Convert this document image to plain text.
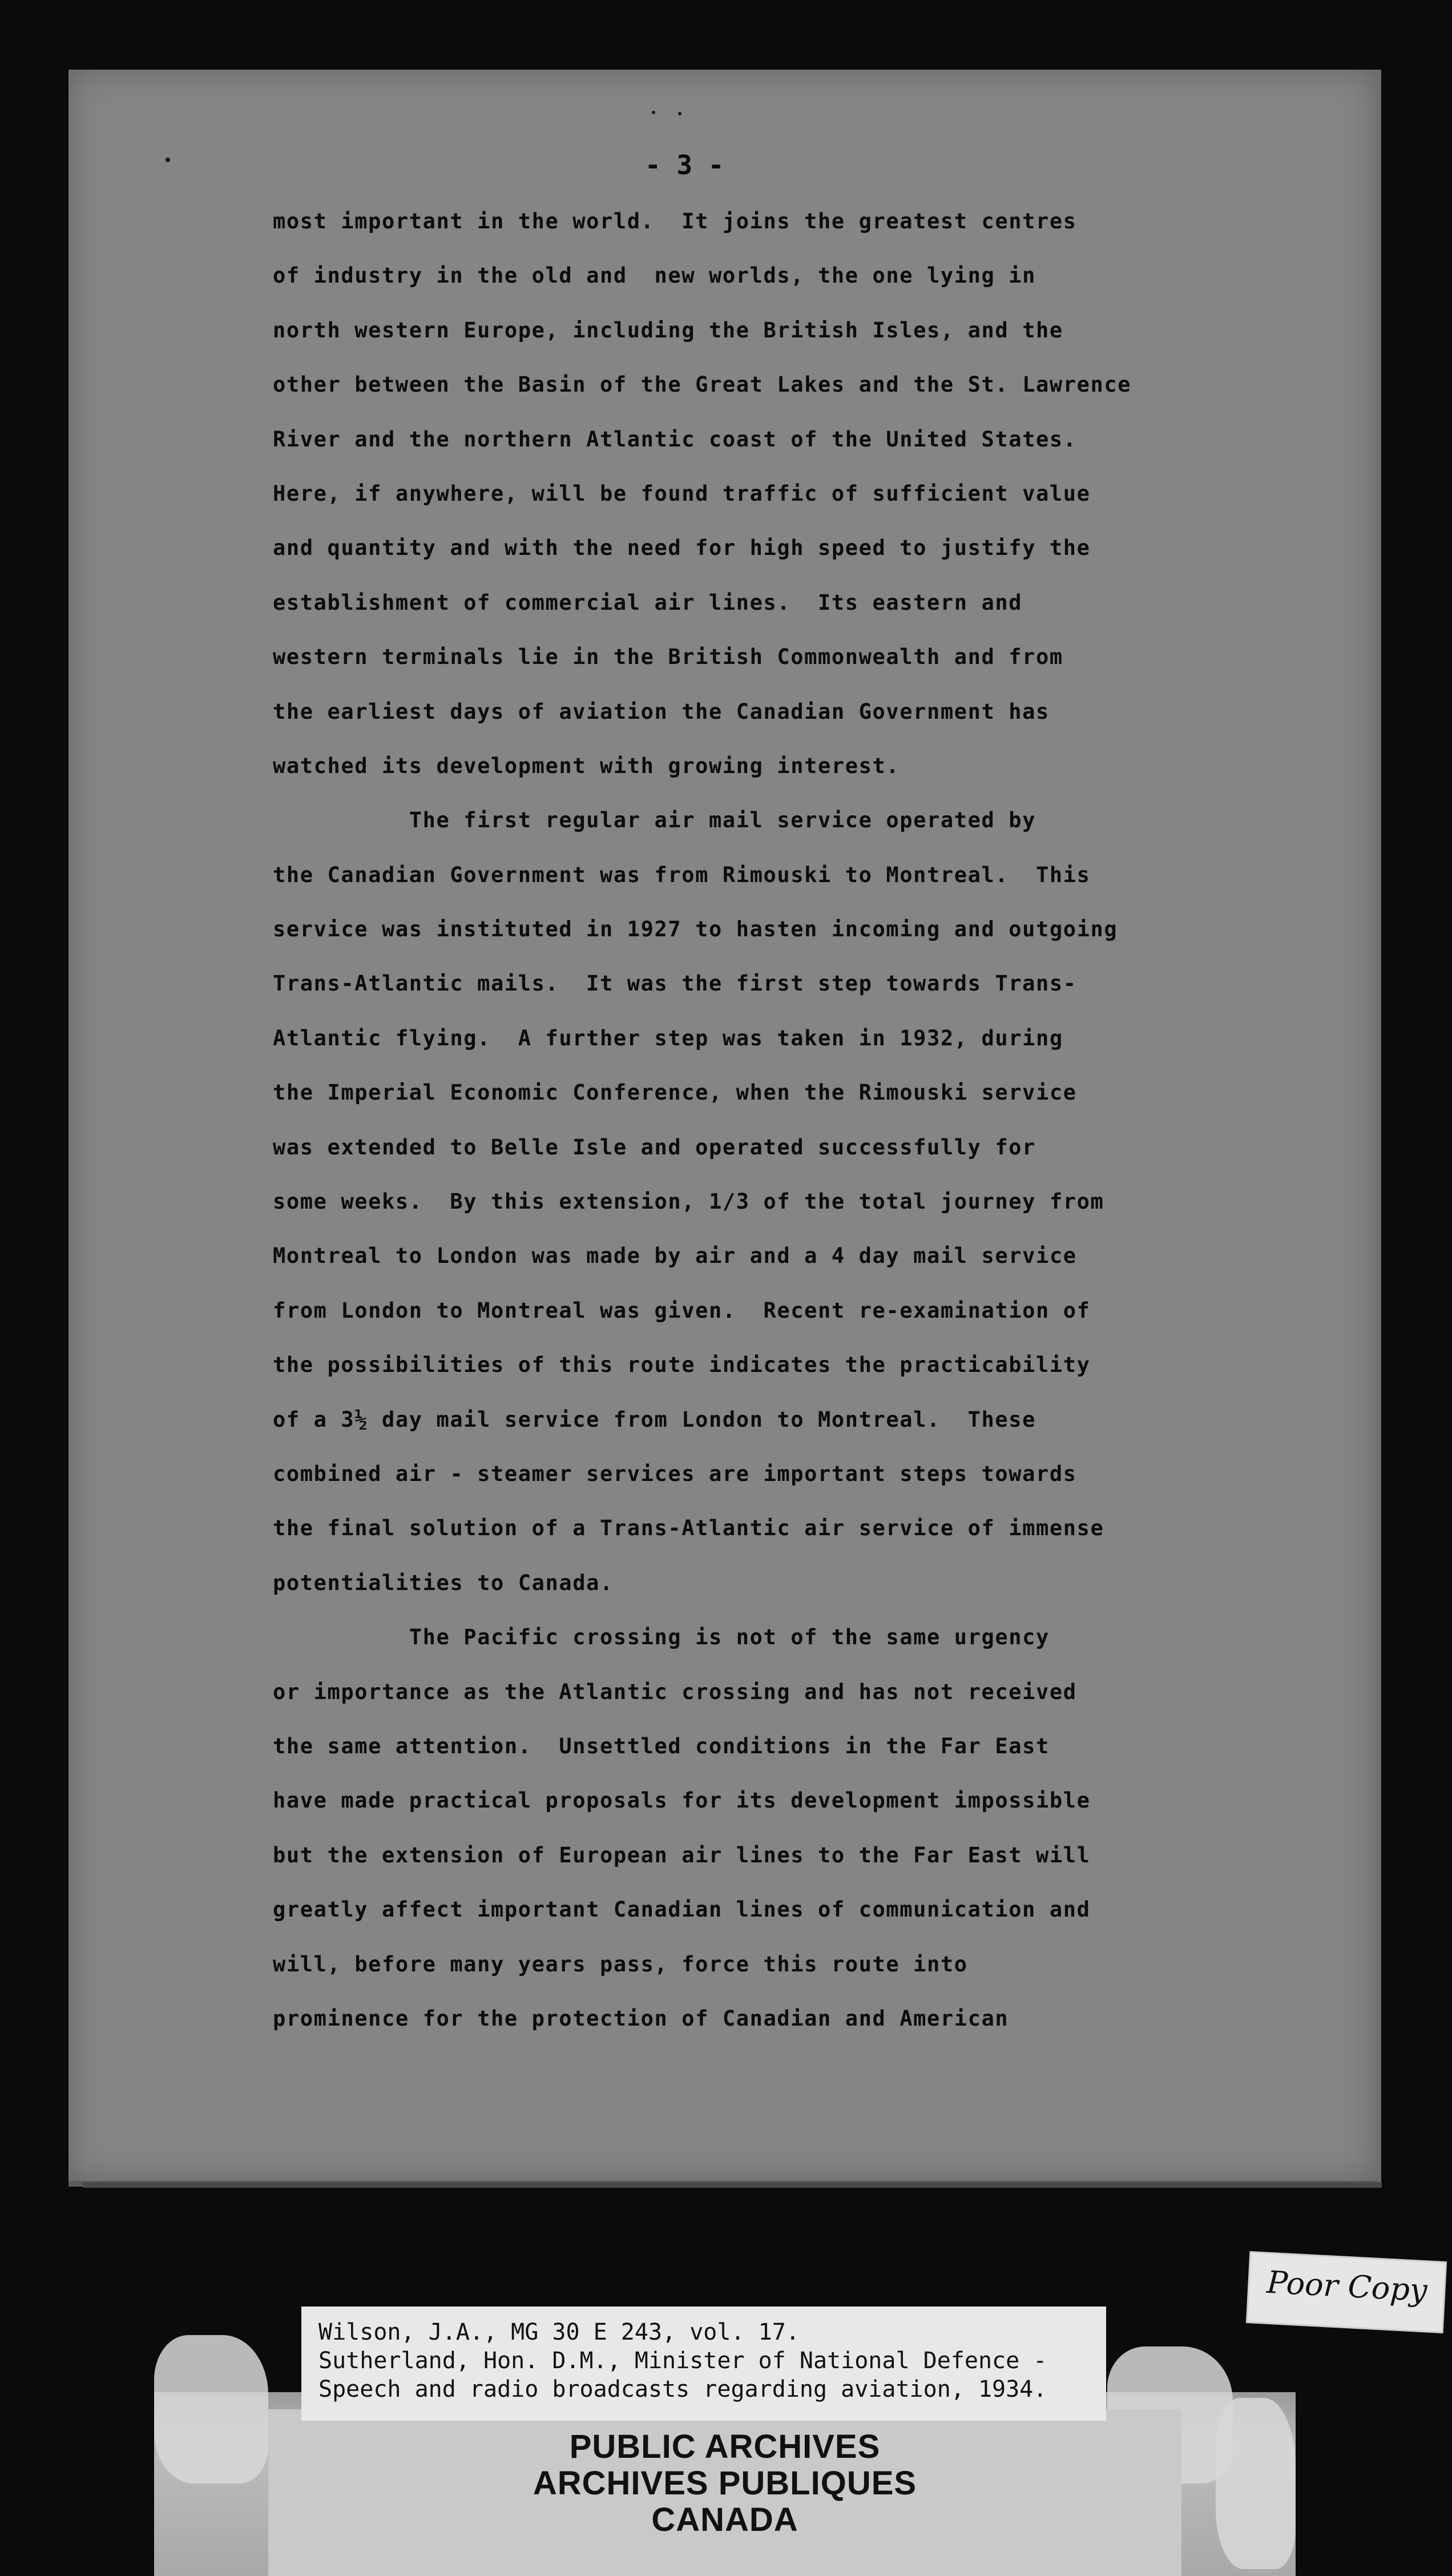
- 3 -
most important in the world.  It joins the greatest centres
of industry in the old and  new worlds, the one lying in
north western Europe, including the British Isles, and the
other between the Basin of the Great Lakes and the St. Lawrence
River and the northern Atlantic coast of the United States.
Here, if anywhere, will be found traffic of sufficient value
and quantity and with the need for high speed to justify the
establishment of commercial air lines.  Its eastern and
western terminals lie in the British Commonwealth and from
the earliest days of aviation the Canadian Government has
watched its development with growing interest.
The first regular air mail service operated by
the Canadian Government was from Rimouski to Montreal.  This
service was instituted in 1927 to hasten incoming and outgoing
Trans-Atlantic mails.  It was the first step towards Trans-
Atlantic flying.  A further step was taken in 1932, during
the Imperial Economic Conference, when the Rimouski service
was extended to Belle Isle and operated successfully for
some weeks.  By this extension, 1/3 of the total journey from
Montreal to London was made by air and a 4 day mail service
from London to Montreal was given.  Recent re-examination of
the possibilities of this route indicates the practicability
of a 3½ day mail service from London to Montreal.  These
combined air - steamer services are important steps towards
the final solution of a Trans-Atlantic air service of immense
potentialities to Canada.
The Pacific crossing is not of the same urgency
or importance as the Atlantic crossing and has not received
the same attention.  Unsettled conditions in the Far East
have made practical proposals for its development impossible
but the extension of European air lines to the Far East will
greatly affect important Canadian lines of communication and
will, before many years pass, force this route into
prominence for the protection of Canadian and American
Wilson, J.A., MG 30 E 243, vol. 17.
Sutherland, Hon. D.M., Minister of National Defence -
Speech and radio broadcasts regarding aviation, 1934.
PUBLIC ARCHIVES
ARCHIVES PUBLIQUES
CANADA
Poor Copy
